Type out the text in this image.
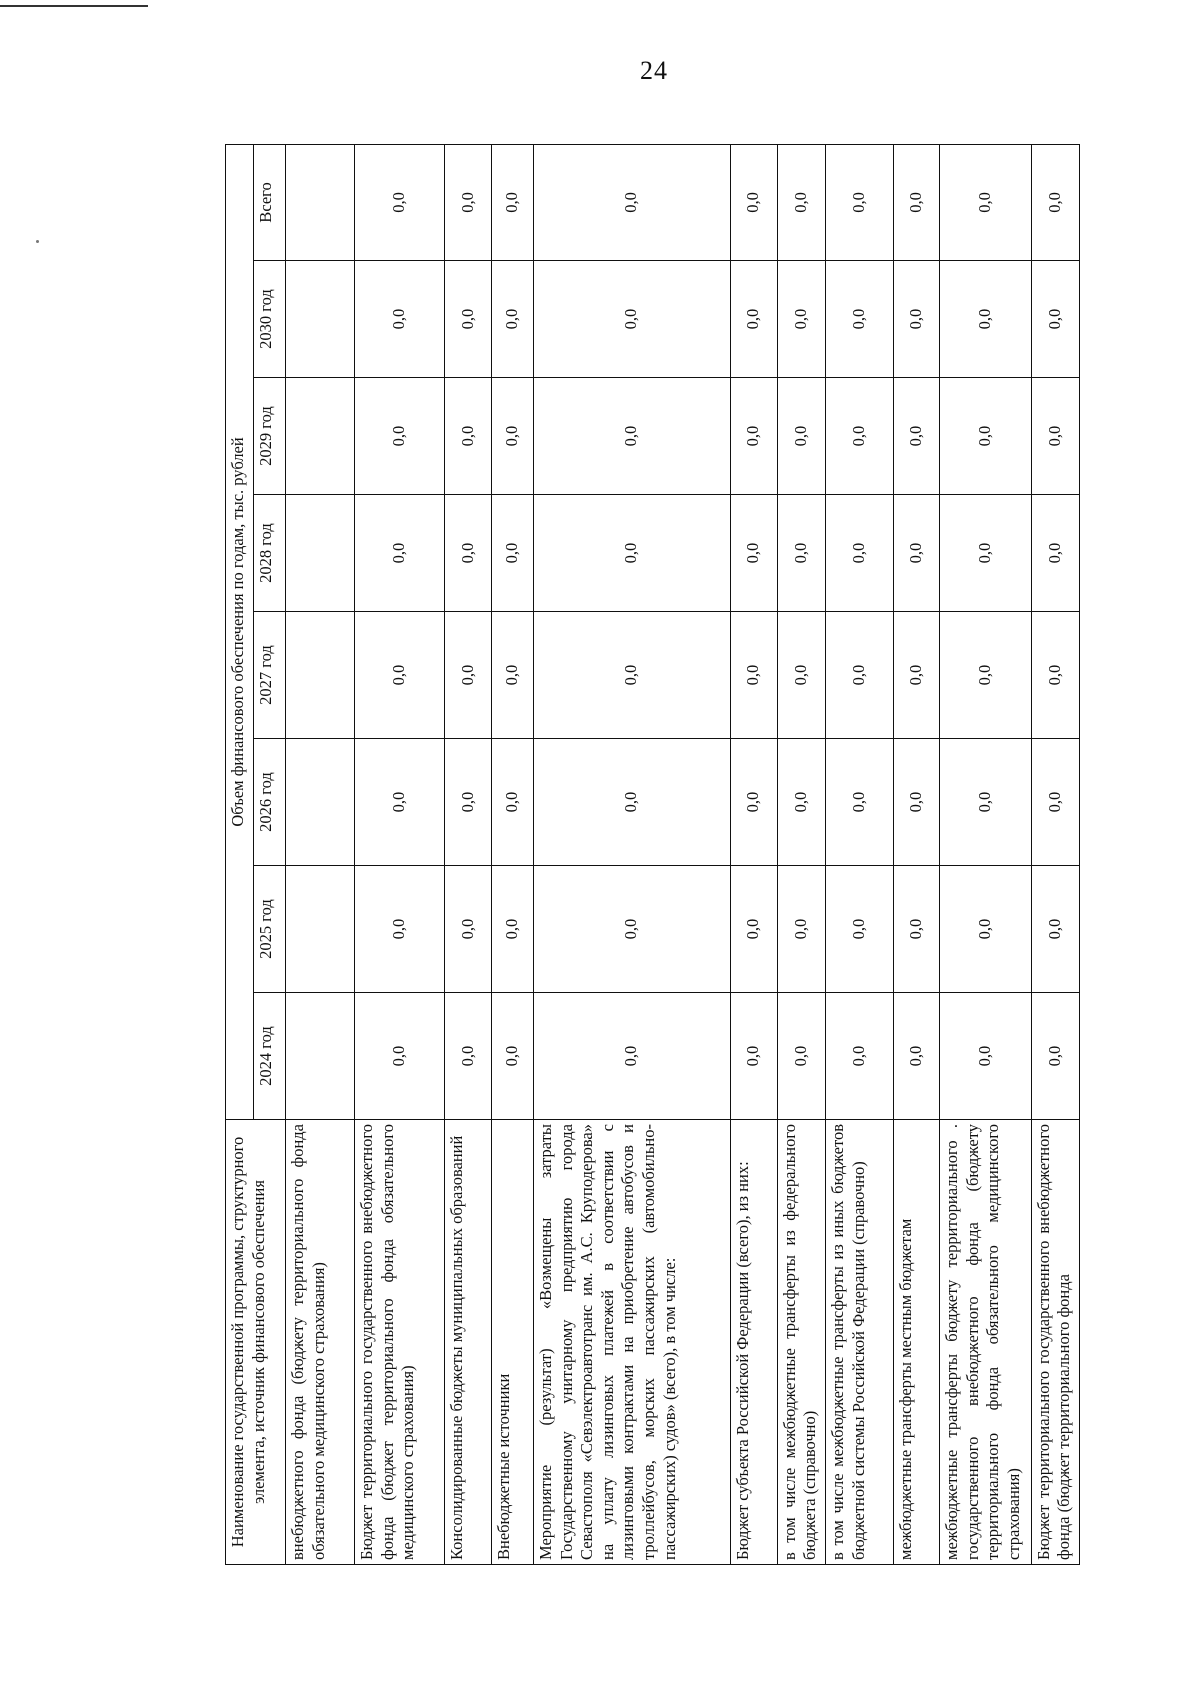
24
Наименование государственной программы, структурного элемента, источник финансового обеспечения	Объем финансового обеспечения по годам, тыс. рублей							
	2024 год	2025 год	2026 год	2027 год	2028 год	2029 год	2030 год	Всего
внебюджетного фонда (бюджету территориального фонда обязательного медицинского страхования)								
Бюджет территориального государственного внебюджетного фонда (бюджет территориального фонда обязательного медицинского страхования)	0,0	0,0	0,0	0,0	0,0	0,0	0,0	0,0
Консолидированные бюджеты муниципальных образований	0,0	0,0	0,0	0,0	0,0	0,0	0,0	0,0
Внебюджетные источники	0,0	0,0	0,0	0,0	0,0	0,0	0,0	0,0
Мероприятие (результат) «Возмещены затраты Государственному унитарному предприятию города Севастополя «Севэлектроавтотранс им. А.С. Круподерова» на уплату лизинговых платежей в соответствии с лизинговыми контрактами на приобретение автобусов и троллейбусов, морских пассажирских (автомобильно-пассажирских) судов» (всего), в том числе:	0,0	0,0	0,0	0,0	0,0	0,0	0,0	0,0
Бюджет субъекта Российской Федерации (всего), из них:	0,0	0,0	0,0	0,0	0,0	0,0	0,0	0,0
в том числе межбюджетные трансферты из федерального бюджета (справочно)	0,0	0,0	0,0	0,0	0,0	0,0	0,0	0,0
в том числе межбюджетные трансферты из иных бюджетов бюджетной системы Российской Федерации (справочно)	0,0	0,0	0,0	0,0	0,0	0,0	0,0	0,0
межбюджетные трансферты местным бюджетам	0,0	0,0	0,0	0,0	0,0	0,0	0,0	0,0
межбюджетные трансферты бюджету территориального . государственного внебюджетного фонда (бюджету территориального фонда обязательного медицинского страхования)	0,0	0,0	0,0	0,0	0,0	0,0	0,0	0,0
Бюджет территориального государственного внебюджетного фонда (бюджет территориального фонда	0,0	0,0	0,0	0,0	0,0	0,0	0,0	0,0
